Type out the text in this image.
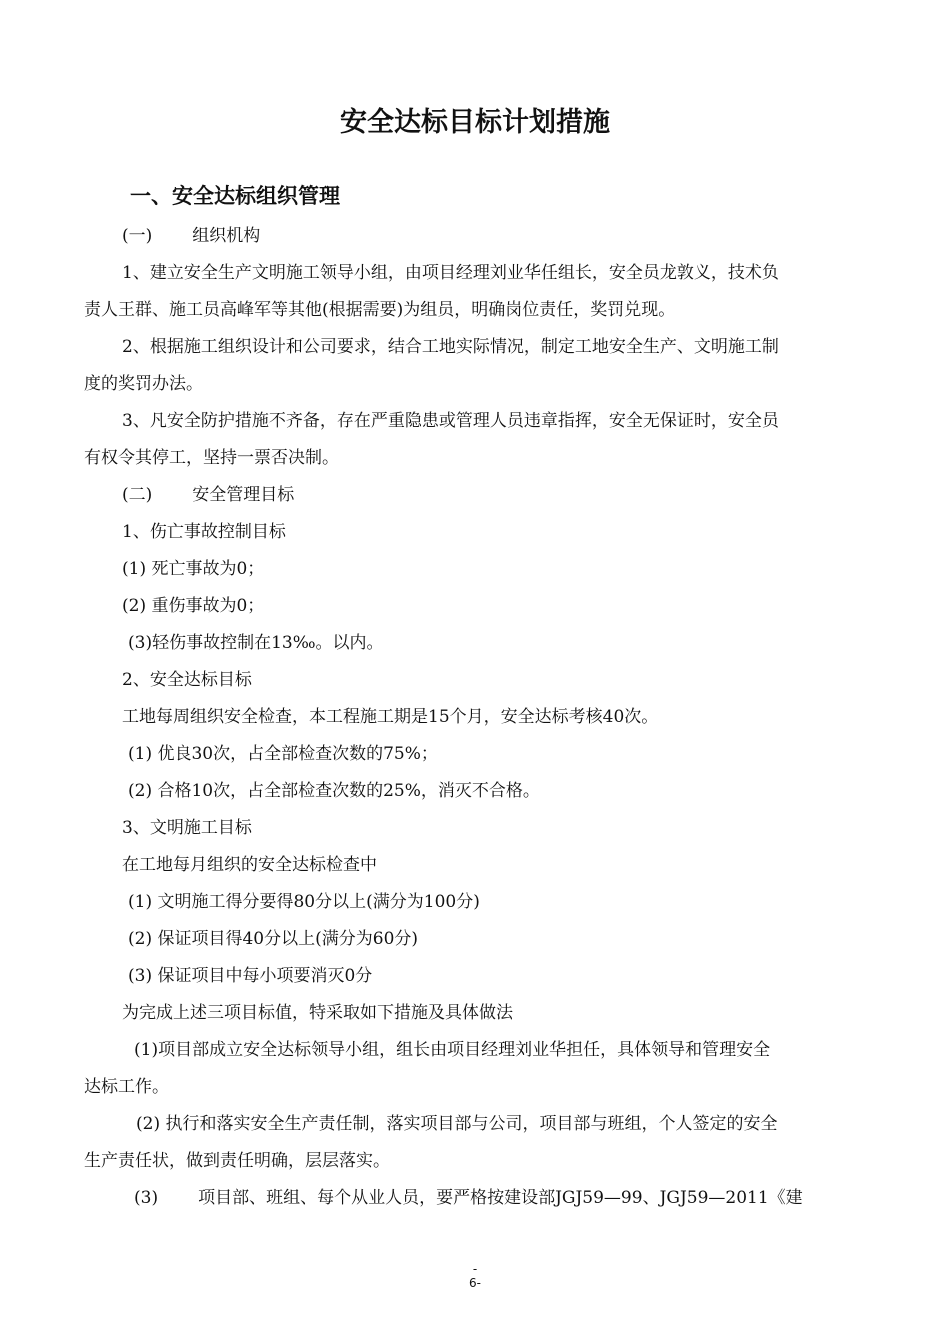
安全达标目标计划措施
一、安全达标组织管理
(一) 组织机构
1、建立安全生产文明施工领导小组，由项目经理刘业华任组长，安全员龙敦义，技术负
责人王群、施工员高峰军等其他(根据需要)为组员，明确岗位责任，奖罚兑现。
2、根据施工组织设计和公司要求，结合工地实际情况，制定工地安全生产、文明施工制
度的奖罚办法。
3、凡安全防护措施不齐备，存在严重隐患或管理人员违章指挥，安全无保证时，安全员
有权令其停工，坚持一票否决制。
(二) 安全管理目标
1、伤亡事故控制目标
(1) 死亡事故为0；
(2) 重伤事故为0；
(3)轻伤事故控制在13‰。以内。
2、安全达标目标
工地每周组织安全检查，本工程施工期是15个月，安全达标考核40次。
(1) 优良30次，占全部检查次数的75%；
(2) 合格10次，占全部检查次数的25%，消灭不合格。
3、文明施工目标
在工地每月组织的安全达标检查中
(1) 文明施工得分要得80分以上(满分为100分)
(2) 保证项目得40分以上(满分为60分)
(3) 保证项目中每小项要消灭0分
为完成上述三项目标值，特采取如下措施及具体做法
(1)项目部成立安全达标领导小组，组长由项目经理刘业华担任，具体领导和管理安全
达标工作。
(2) 执行和落实安全生产责任制，落实项目部与公司，项目部与班组，个人签定的安全
生产责任状，做到责任明确，层层落实。
(3) 项目部、班组、每个从业人员，要严格按建设部JGJ59—99、JGJ59—2011《建
-
6-
